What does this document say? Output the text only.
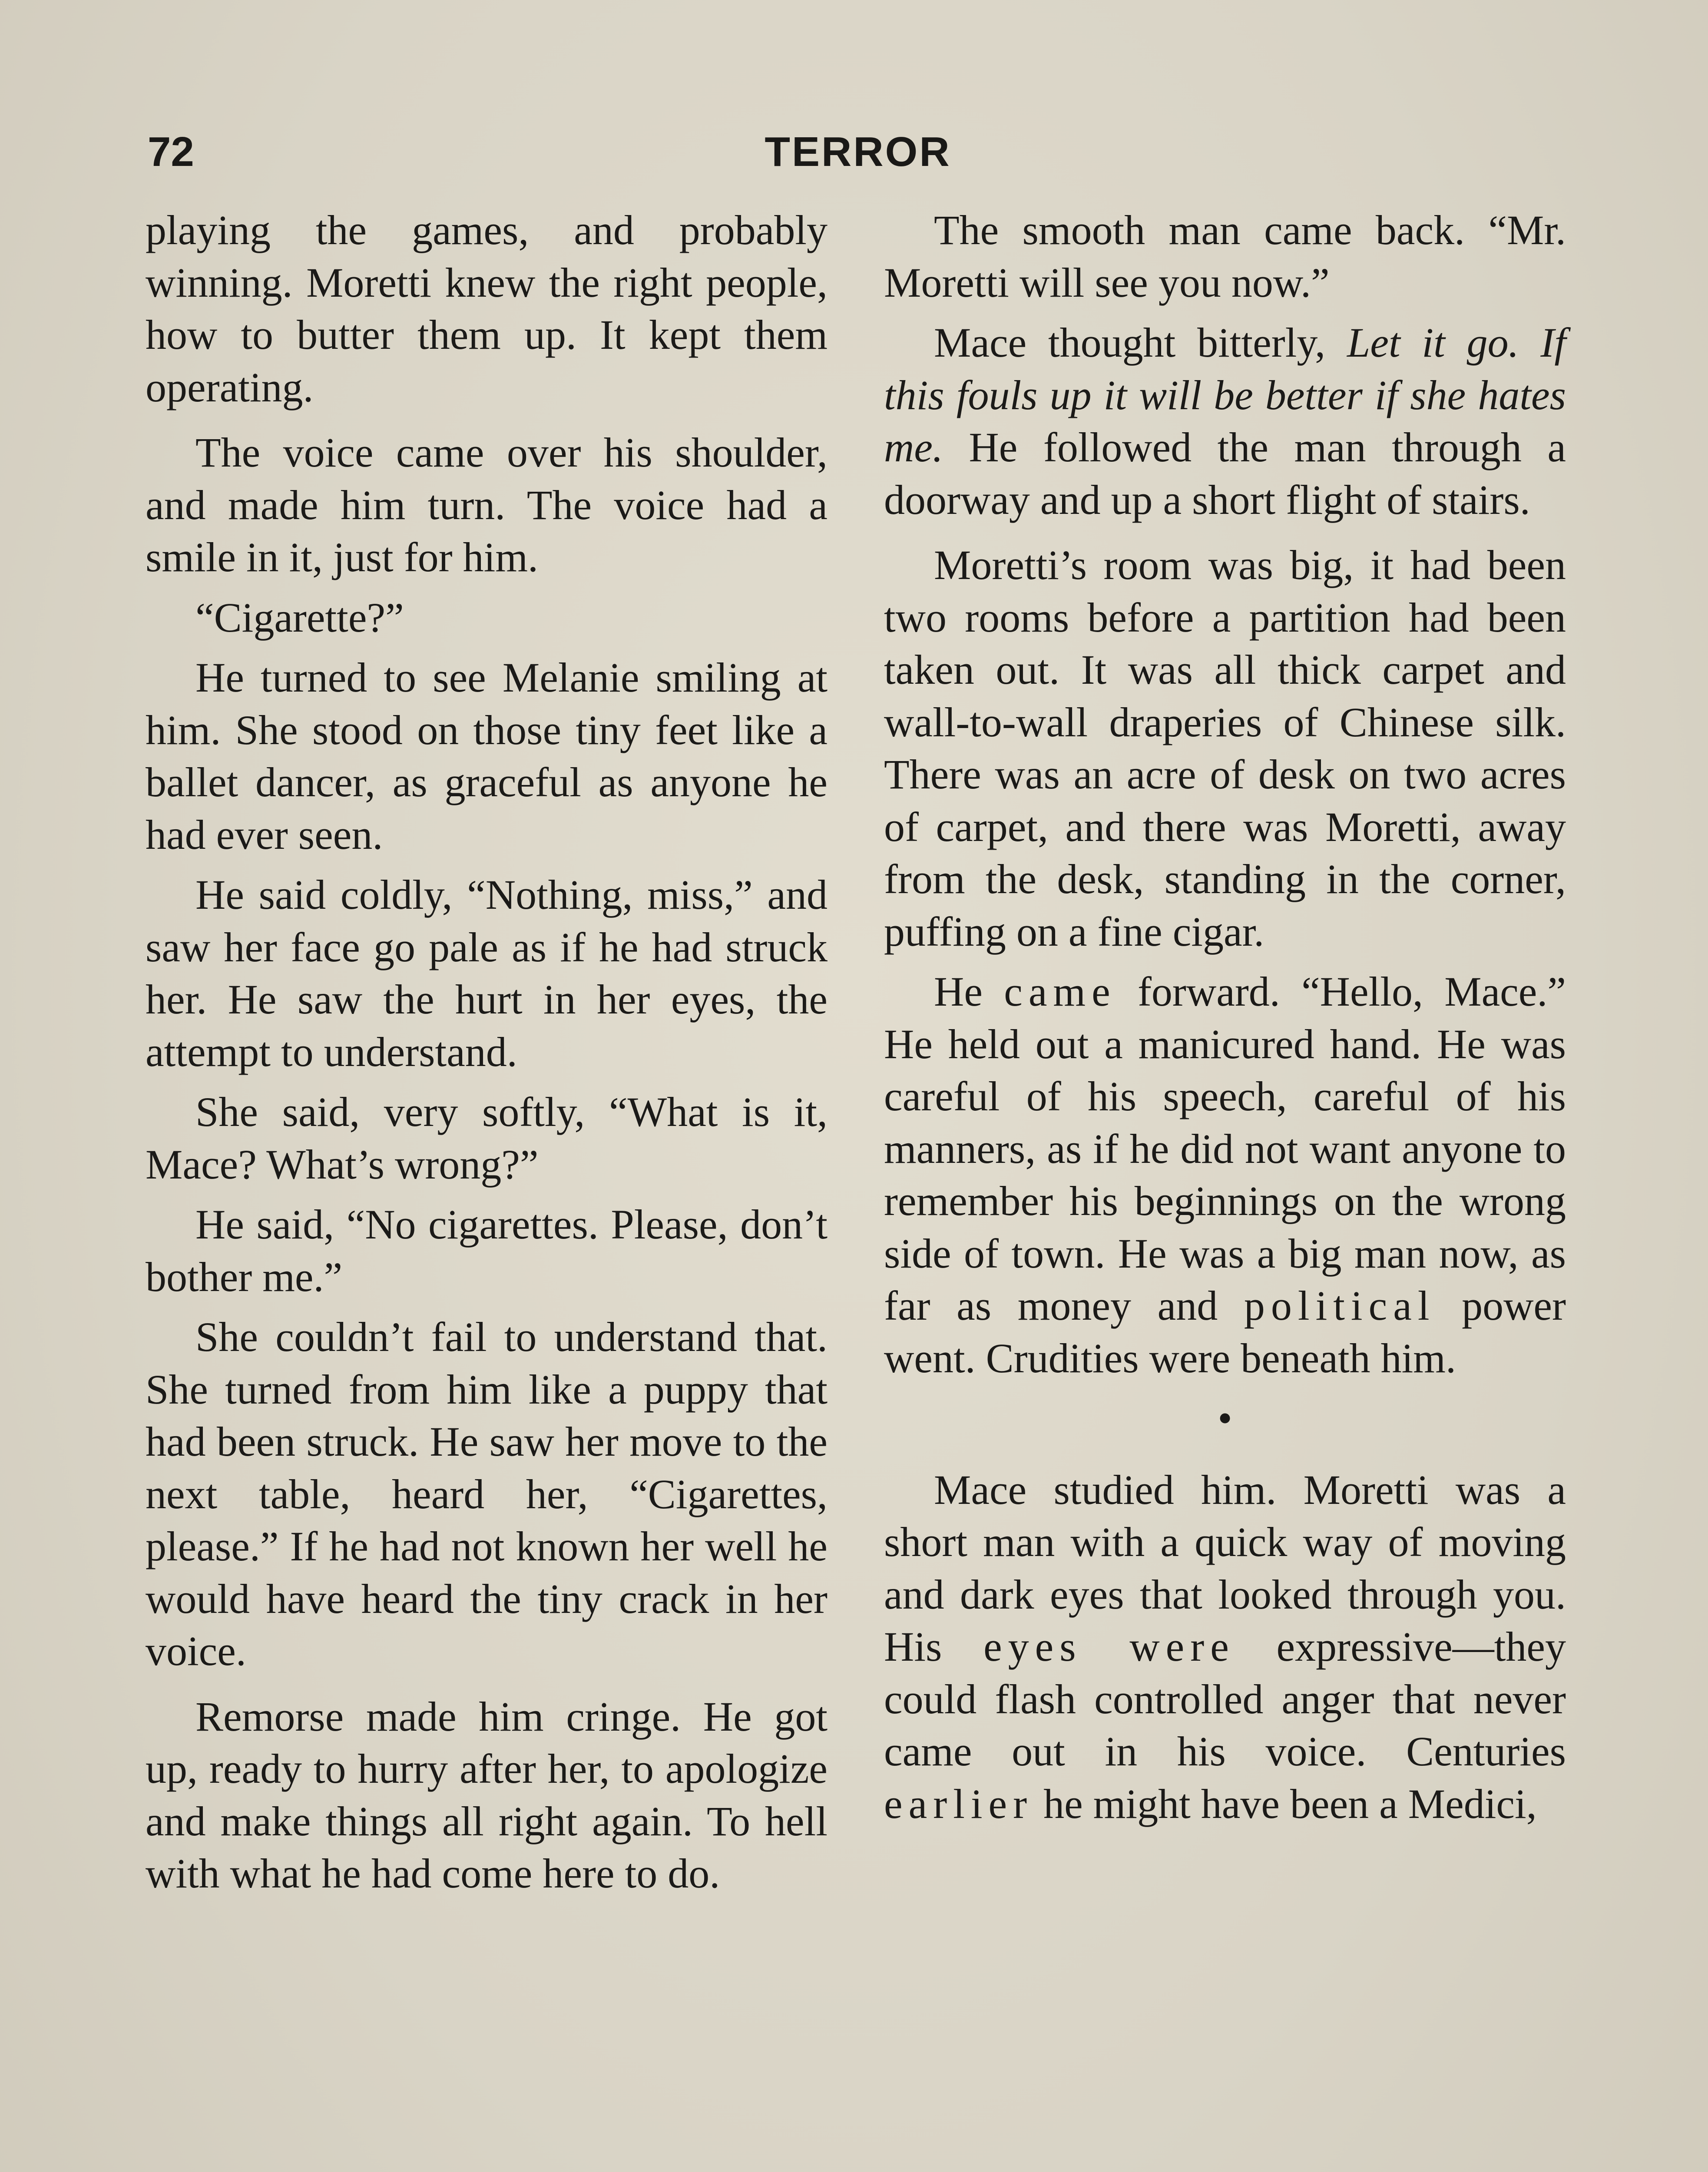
72	TERROR

playing the games, and probably winning. Moretti knew the right people, how to butter them up. It kept them operating.

The voice came over his shoulder, and made him turn. The voice had a smile in it, just for him.

“Cigarette?”

He turned to see Melanie smiling at him. She stood on those tiny feet like a ballet dancer, as graceful as anyone he had ever seen.

He said coldly, “Nothing, miss,” and saw her face go pale as if he had struck her. He saw the hurt in her eyes, the attempt to understand.

She said, very softly, “What is it, Mace? What’s wrong?”

He said, “No cigarettes. Please, don’t bother me.”

She couldn’t fail to understand that. She turned from him like a puppy that had been struck. He saw her move to the next table, heard her, “Cigarettes, please.” If he had not known her well he would have heard the tiny crack in her voice.

Remorse made him cringe. He got up, ready to hurry after her, to apologize and make things all right again. To hell with what he had come here to do.

The smooth man came back. “Mr. Moretti will see you now.”

Mace thought bitterly, Let it go. If this fouls up it will be better if she hates me. He followed the man through a doorway and up a short flight of stairs.

Moretti’s room was big, it had been two rooms before a partition had been taken out. It was all thick carpet and wall-to-wall draperies of Chinese silk. There was an acre of desk on two acres of carpet, and there was Moretti, away from the desk, standing in the corner, puffing on a fine cigar.

He came forward. “Hello, Mace.” He held out a manicured hand. He was careful of his speech, careful of his manners, as if he did not want anyone to remember his beginnings on the wrong side of town. He was a big man now, as far as money and political power went. Crudities were beneath him.

•

Mace studied him. Moretti was a short man with a quick way of moving and dark eyes that looked through you. His eyes were expressive—they could flash controlled anger that never came out in his voice. Centuries earlier he might have been a Medici,
